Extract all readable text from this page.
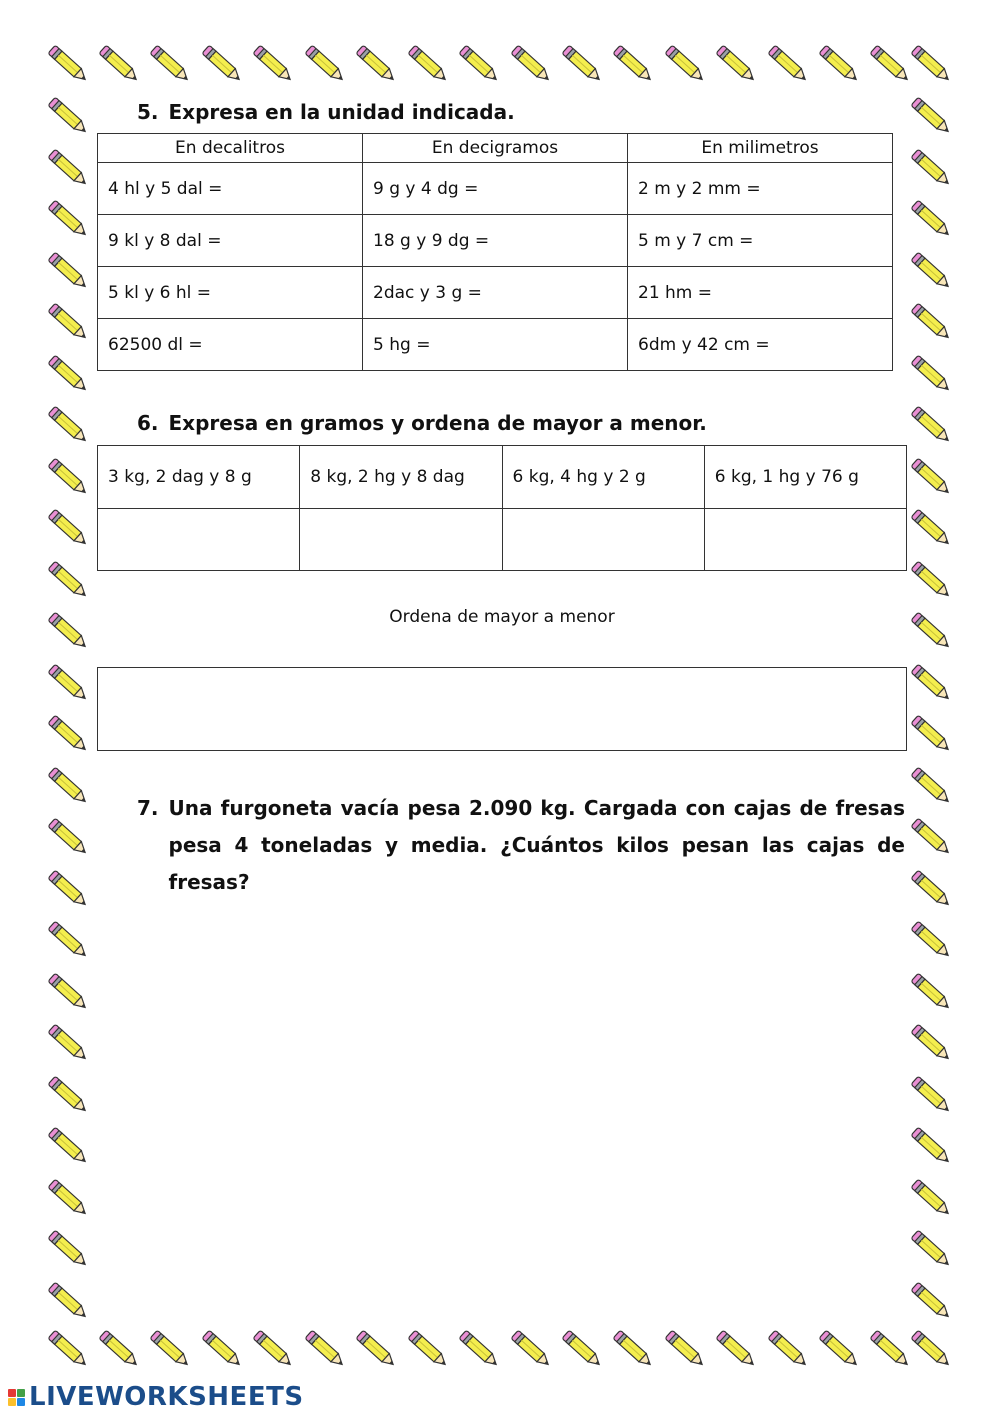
5. Expresa en la unidad indicada.
En decalitros	En decigramos	En milimetros
4 hl y 5 dal =	9 g y 4 dg =	2 m y 2 mm =
9 kl y 8 dal =	18 g y 9 dg =	5 m y 7 cm =
5 kl y 6 hl =	2dac y 3 g =	21 hm =
62500 dl =	5 hg =	6dm y 42 cm =
6. Expresa en gramos y ordena de mayor a menor.
3 kg, 2 dag y 8 g	8 kg, 2 hg y 8 dag	6 kg, 4 hg y 2 g	6 kg, 1 hg y 76 g

Ordena de mayor a menor
7. Una furgoneta vacía pesa 2.090 kg. Cargada con cajas de fresas pesa 4 toneladas y media. ¿Cuántos kilos pesan las cajas de fresas?
LIVEWORKSHEETS
